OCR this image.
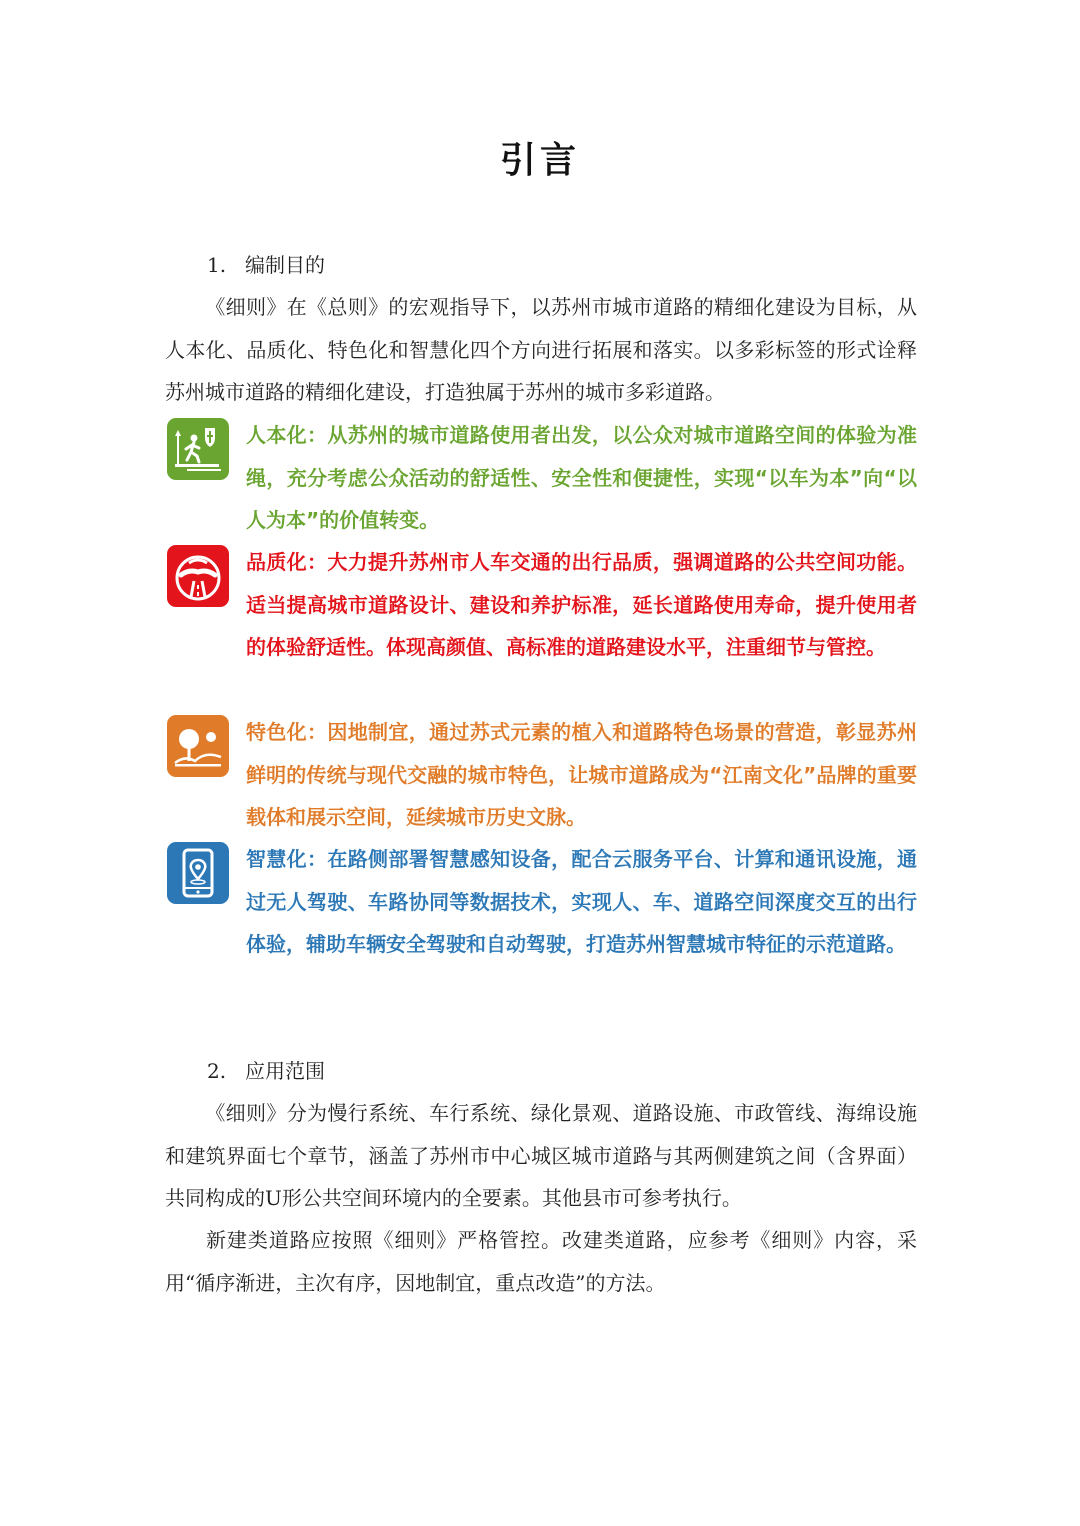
引言
1. 编制目的
《细则》在《总则》的宏观指导下，以苏州市城市道路的精细化建设为目标，从人本化、品质化、特色化和智慧化四个方向进行拓展和落实。以多彩标签的形式诠释苏州城市道路的精细化建设，打造独属于苏州的城市多彩道路。
人本化：从苏州的城市道路使用者出发，以公众对城市道路空间的体验为准绳，充分考虑公众活动的舒适性、安全性和便捷性，实现“以车为本”向“以人为本”的价值转变。
品质化：大力提升苏州市人车交通的出行品质，强调道路的公共空间功能。适当提高城市道路设计、建设和养护标准，延长道路使用寿命，提升使用者的体验舒适性。体现高颜值、高标准的道路建设水平，注重细节与管控。
特色化：因地制宜，通过苏式元素的植入和道路特色场景的营造，彰显苏州鲜明的传统与现代交融的城市特色，让城市道路成为“江南文化”品牌的重要载体和展示空间，延续城市历史文脉。
智慧化：在路侧部署智慧感知设备，配合云服务平台、计算和通讯设施，通过无人驾驶、车路协同等数据技术，实现人、车、道路空间深度交互的出行体验，辅助车辆安全驾驶和自动驾驶，打造苏州智慧城市特征的示范道路。
2. 应用范围
《细则》分为慢行系统、车行系统、绿化景观、道路设施、市政管线、海绵设施和建筑界面七个章节，涵盖了苏州市中心城区城市道路与其两侧建筑之间（含界面）共同构成的U形公共空间环境内的全要素。其他县市可参考执行。
新建类道路应按照《细则》严格管控。改建类道路，应参考《细则》内容，采用“循序渐进，主次有序，因地制宜，重点改造”的方法。
